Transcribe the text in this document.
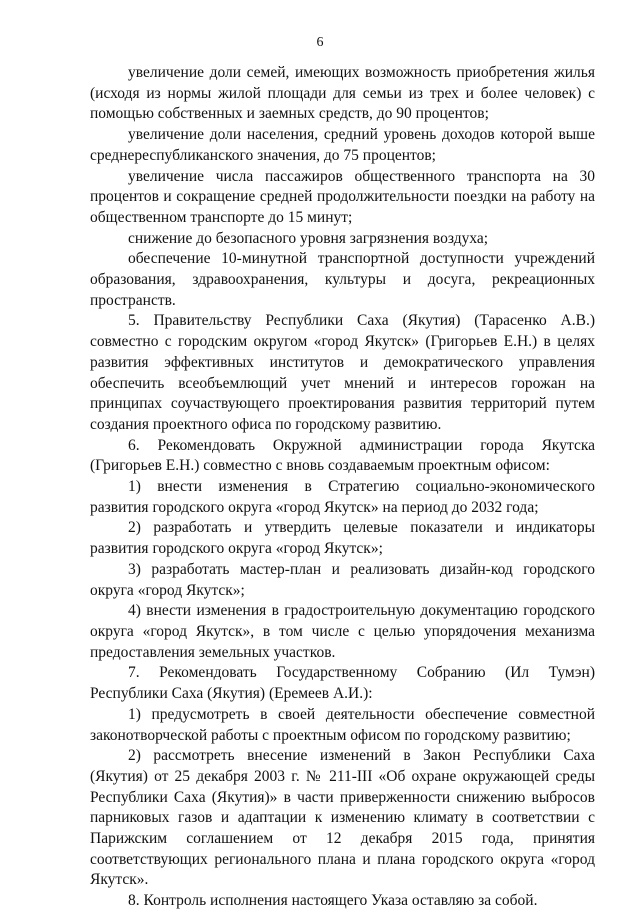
6

увеличение доли семей, имеющих возможность приобретения жилья (исходя из нормы жилой площади для семьи из трех и более человек) с помощью собственных и заемных средств, до 90 процентов;

увеличение доли населения, средний уровень доходов которой выше среднереспубликанского значения, до 75 процентов;

увеличение числа пассажиров общественного транспорта на 30 процентов и сокращение средней продолжительности поездки на работу на общественном транспорте до 15 минут;

снижение до безопасного уровня загрязнения воздуха;

обеспечение 10-минутной транспортной доступности учреждений образования, здравоохранения, культуры и досуга, рекреационных пространств.

5. Правительству Республики Саха (Якутия) (Тарасенко А.В.) совместно с городским округом «город Якутск» (Григорьев Е.Н.) в целях развития эффективных институтов и демократического управления обеспечить всеобъемлющий учет мнений и интересов горожан на принципах соучаствующего проектирования развития территорий путем создания проектного офиса по городскому развитию.

6. Рекомендовать Окружной администрации города Якутска (Григорьев Е.Н.) совместно с вновь создаваемым проектным офисом:

1) внести изменения в Стратегию социально-экономического развития городского округа «город Якутск» на период до 2032 года;

2) разработать и утвердить целевые показатели и индикаторы развития городского округа «город Якутск»;

3) разработать мастер-план и реализовать дизайн-код городского округа «город Якутск»;

4) внести изменения в градостроительную документацию городского округа «город Якутск», в том числе с целью упорядочения механизма предоставления земельных участков.

7. Рекомендовать Государственному Собранию (Ил Тумэн) Республики Саха (Якутия) (Еремеев А.И.):

1) предусмотреть в своей деятельности обеспечение совместной законотворческой работы с проектным офисом по городскому развитию;

2) рассмотреть внесение изменений в Закон Республики Саха (Якутия) от 25 декабря 2003 г. № 211-III «Об охране окружающей среды Республики Саха (Якутия)» в части приверженности снижению выбросов парниковых газов и адаптации к изменению климату в соответствии с Парижским соглашением от 12 декабря 2015 года, принятия соответствующих регионального плана и плана городского округа «город Якутск».

8. Контроль исполнения настоящего Указа оставляю за собой.
